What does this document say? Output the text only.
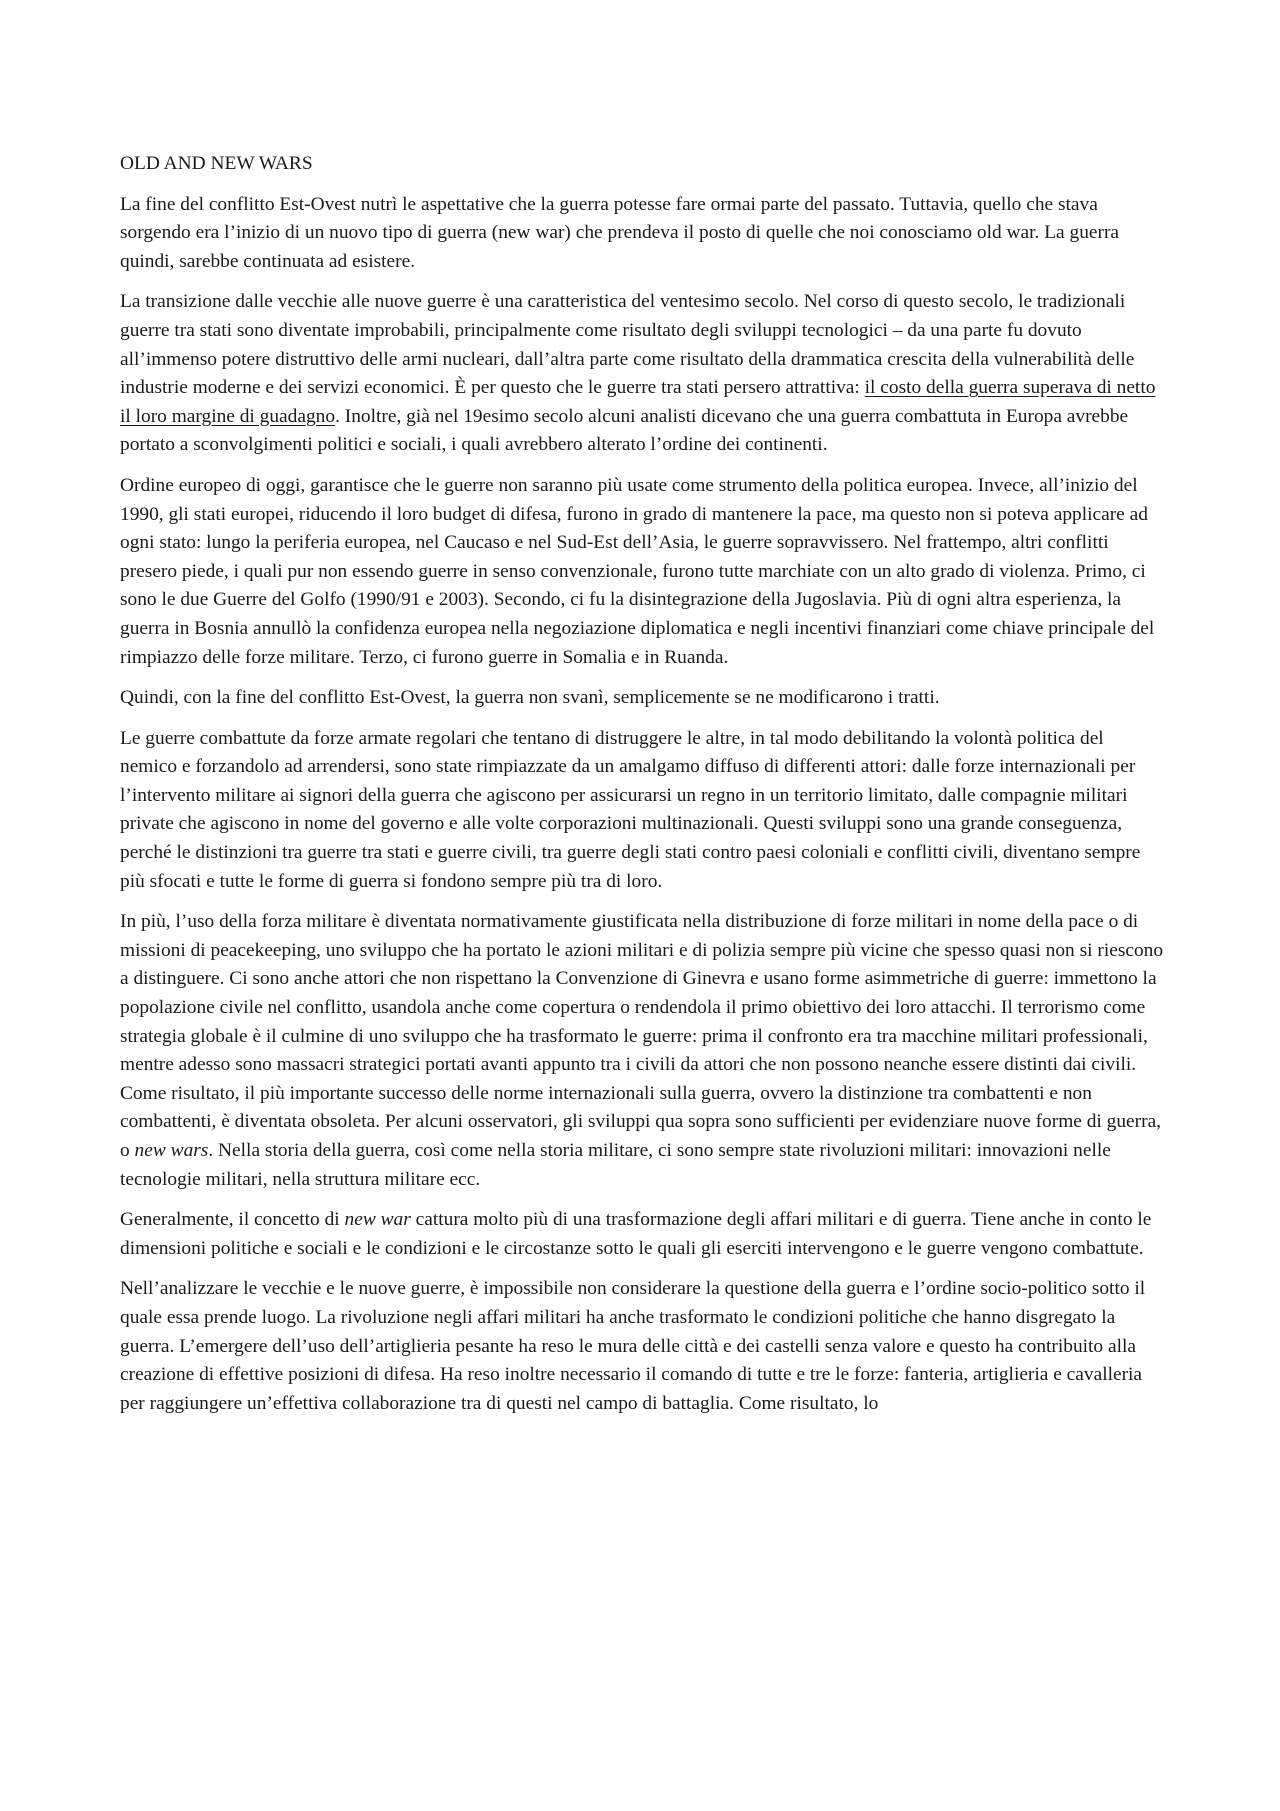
OLD AND NEW WARS

La fine del conflitto Est-Ovest nutrì le aspettative che la guerra potesse fare ormai parte del passato. Tuttavia, quello che stava sorgendo era l’inizio di un nuovo tipo di guerra (new war) che prendeva il posto di quelle che noi conosciamo old war. La guerra quindi, sarebbe continuata ad esistere.

La transizione dalle vecchie alle nuove guerre è una caratteristica del ventesimo secolo. Nel corso di questo secolo, le tradizionali guerre tra stati sono diventate improbabili, principalmente come risultato degli sviluppi tecnologici – da una parte fu dovuto all’immenso potere distruttivo delle armi nucleari, dall’altra parte come risultato della drammatica crescita della vulnerabilità delle industrie moderne e dei servizi economici. È per questo che le guerre tra stati persero attrattiva: il costo della guerra superava di netto il loro margine di guadagno. Inoltre, già nel 19esimo secolo alcuni analisti dicevano che una guerra combattuta in Europa avrebbe portato a sconvolgimenti politici e sociali, i quali avrebbero alterato l’ordine dei continenti.

Ordine europeo di oggi, garantisce che le guerre non saranno più usate come strumento della politica europea. Invece, all’inizio del 1990, gli stati europei, riducendo il loro budget di difesa, furono in grado di mantenere la pace, ma questo non si poteva applicare ad ogni stato: lungo la periferia europea, nel Caucaso e nel Sud-Est dell’Asia, le guerre sopravvissero. Nel frattempo, altri conflitti presero piede, i quali pur non essendo guerre in senso convenzionale, furono tutte marchiate con un alto grado di violenza. Primo, ci sono le due Guerre del Golfo (1990/91 e 2003). Secondo, ci fu la disintegrazione della Jugoslavia. Più di ogni altra esperienza, la guerra in Bosnia annullò la confidenza europea nella negoziazione diplomatica e negli incentivi finanziari come chiave principale del rimpiazzo delle forze militare. Terzo, ci furono guerre in Somalia e in Ruanda.

Quindi, con la fine del conflitto Est-Ovest, la guerra non svanì, semplicemente se ne modificarono i tratti.

Le guerre combattute da forze armate regolari che tentano di distruggere le altre, in tal modo debilitando la volontà politica del nemico e forzandolo ad arrendersi, sono state rimpiazzate da un amalgamo diffuso di differenti attori: dalle forze internazionali per l’intervento militare ai signori della guerra che agiscono per assicurarsi un regno in un territorio limitato, dalle compagnie militari private che agiscono in nome del governo e alle volte corporazioni multinazionali. Questi sviluppi sono una grande conseguenza, perché le distinzioni tra guerre tra stati e guerre civili, tra guerre degli stati contro paesi coloniali e conflitti civili, diventano sempre più sfocati e tutte le forme di guerra si fondono sempre più tra di loro.

In più, l’uso della forza militare è diventata normativamente giustificata nella distribuzione di forze militari in nome della pace o di missioni di peacekeeping, uno sviluppo che ha portato le azioni militari e di polizia sempre più vicine che spesso quasi non si riescono a distinguere. Ci sono anche attori che non rispettano la Convenzione di Ginevra e usano forme asimmetriche di guerre: immettono la popolazione civile nel conflitto, usandola anche come copertura o rendendola il primo obiettivo dei loro attacchi. Il terrorismo come strategia globale è il culmine di uno sviluppo che ha trasformato le guerre: prima il confronto era tra macchine militari professionali, mentre adesso sono massacri strategici portati avanti appunto tra i civili da attori che non possono neanche essere distinti dai civili. Come risultato, il più importante successo delle norme internazionali sulla guerra, ovvero la distinzione tra combattenti e non combattenti, è diventata obsoleta. Per alcuni osservatori, gli sviluppi qua sopra sono sufficienti per evidenziare nuove forme di guerra, o new wars. Nella storia della guerra, così come nella storia militare, ci sono sempre state rivoluzioni militari: innovazioni nelle tecnologie militari, nella struttura militare ecc.

Generalmente, il concetto di new war cattura molto più di una trasformazione degli affari militari e di guerra. Tiene anche in conto le dimensioni politiche e sociali e le condizioni e le circostanze sotto le quali gli eserciti intervengono e le guerre vengono combattute.

Nell’analizzare le vecchie e le nuove guerre, è impossibile non considerare la questione della guerra e l’ordine socio-politico sotto il quale essa prende luogo. La rivoluzione negli affari militari ha anche trasformato le condizioni politiche che hanno disgregato la guerra. L’emergere dell’uso dell’artiglieria pesante ha reso le mura delle città e dei castelli senza valore e questo ha contribuito alla creazione di effettive posizioni di difesa. Ha reso inoltre necessario il comando di tutte e tre le forze: fanteria, artiglieria e cavalleria per raggiungere un’effettiva collaborazione tra di questi nel campo di battaglia. Come risultato, lo
